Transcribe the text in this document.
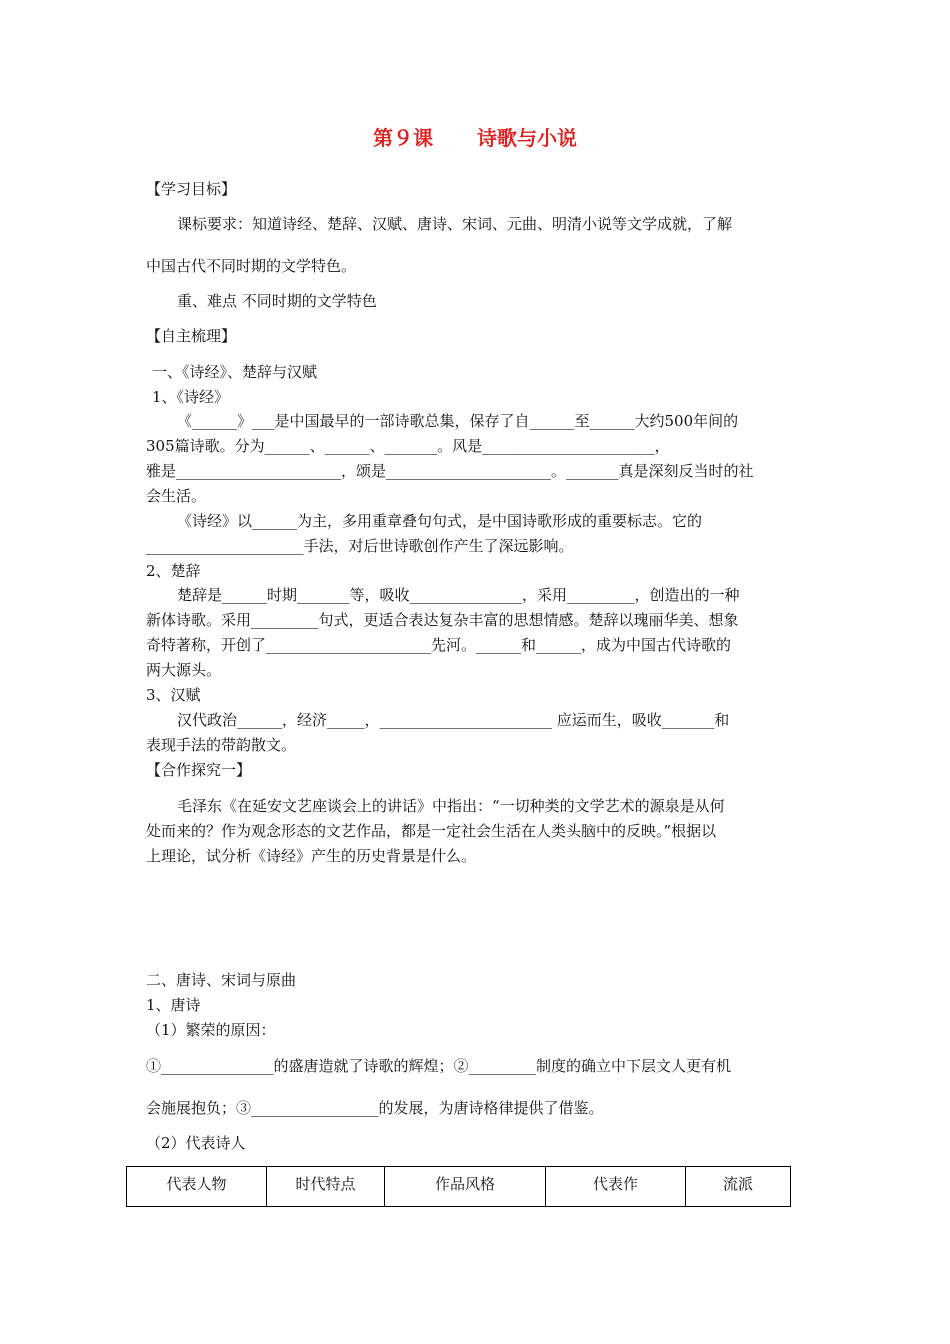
第９课 诗歌与小说
【学习目标】
课标要求：知道诗经、楚辞、汉赋、唐诗、宋词、元曲、明清小说等文学成就，了解
中国古代不同时期的文学特色。
重、难点 不同时期的文学特色
【自主梳理】
一、《诗经》、楚辞与汉赋
1、《诗经》
《______》___是中国最早的一部诗歌总集，保存了自______至______大约500年间的
305篇诗歌。分为______、______、_______。风是_______________________，
雅是______________________，颂是______________________。_______真是深刻反当时的社
会生活。
《诗经》以______为主，多用重章叠句句式，是中国诗歌形成的重要标志。它的
_____________________手法，对后世诗歌创作产生了深远影响。
2、楚辞
楚辞是______时期_______等，吸收_______________，采用_________，创造出的一种
新体诗歌。采用_________句式，更适合表达复杂丰富的思想情感。楚辞以瑰丽华美、想象
奇特著称，开创了______________________先河。______和______，成为中国古代诗歌的
两大源头。
3、汉赋
汉代政治______，经济_____，_______________________ 应运而生，吸收_______和
表现手法的带韵散文。
【合作探究一】
毛泽东《在延安文艺座谈会上的讲话》中指出：“一切种类的文学艺术的源泉是从何
处而来的？作为观念形态的文艺作品，都是一定社会生活在人类头脑中的反映。”根据以
上理论，试分析《诗经》产生的历史背景是什么。
二、唐诗、宋词与原曲
1、唐诗
（1）繁荣的原因：
①_______________的盛唐造就了诗歌的辉煌；②_________制度的确立中下层文人更有机
会施展抱负；③_________________的发展，为唐诗格律提供了借鉴。
（2）代表诗人
代表人物	时代特点	作品风格	代表作	流派
